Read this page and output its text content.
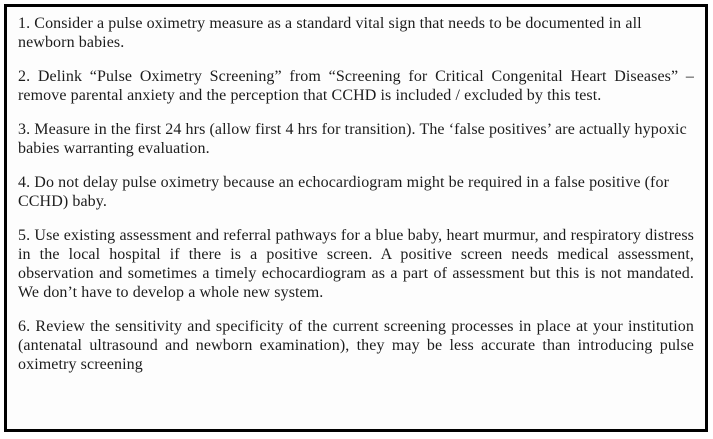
1. Consider a pulse oximetry measure as a standard vital sign that needs to be documented in all newborn babies.

2. Delink “Pulse Oximetry Screening” from “Screening for Critical Congenital Heart Diseases” – remove parental anxiety and the perception that CCHD is included / excluded by this test.

3. Measure in the first 24 hrs (allow first 4 hrs for transition). The ‘false positives’ are actually hypoxic babies warranting evaluation.

4. Do not delay pulse oximetry because an echocardiogram might be required in a false positive (for CCHD) baby.

5. Use existing assessment and referral pathways for a blue baby, heart murmur, and respiratory distress in the local hospital if there is a positive screen. A positive screen needs medical assessment, observation and sometimes a timely echocardiogram as a part of assessment but this is not mandated. We don’t have to develop a whole new system.

6. Review the sensitivity and specificity of the current screening processes in place at your institution (antenatal ultrasound and newborn examination), they may be less accurate than introducing pulse oximetry screening
